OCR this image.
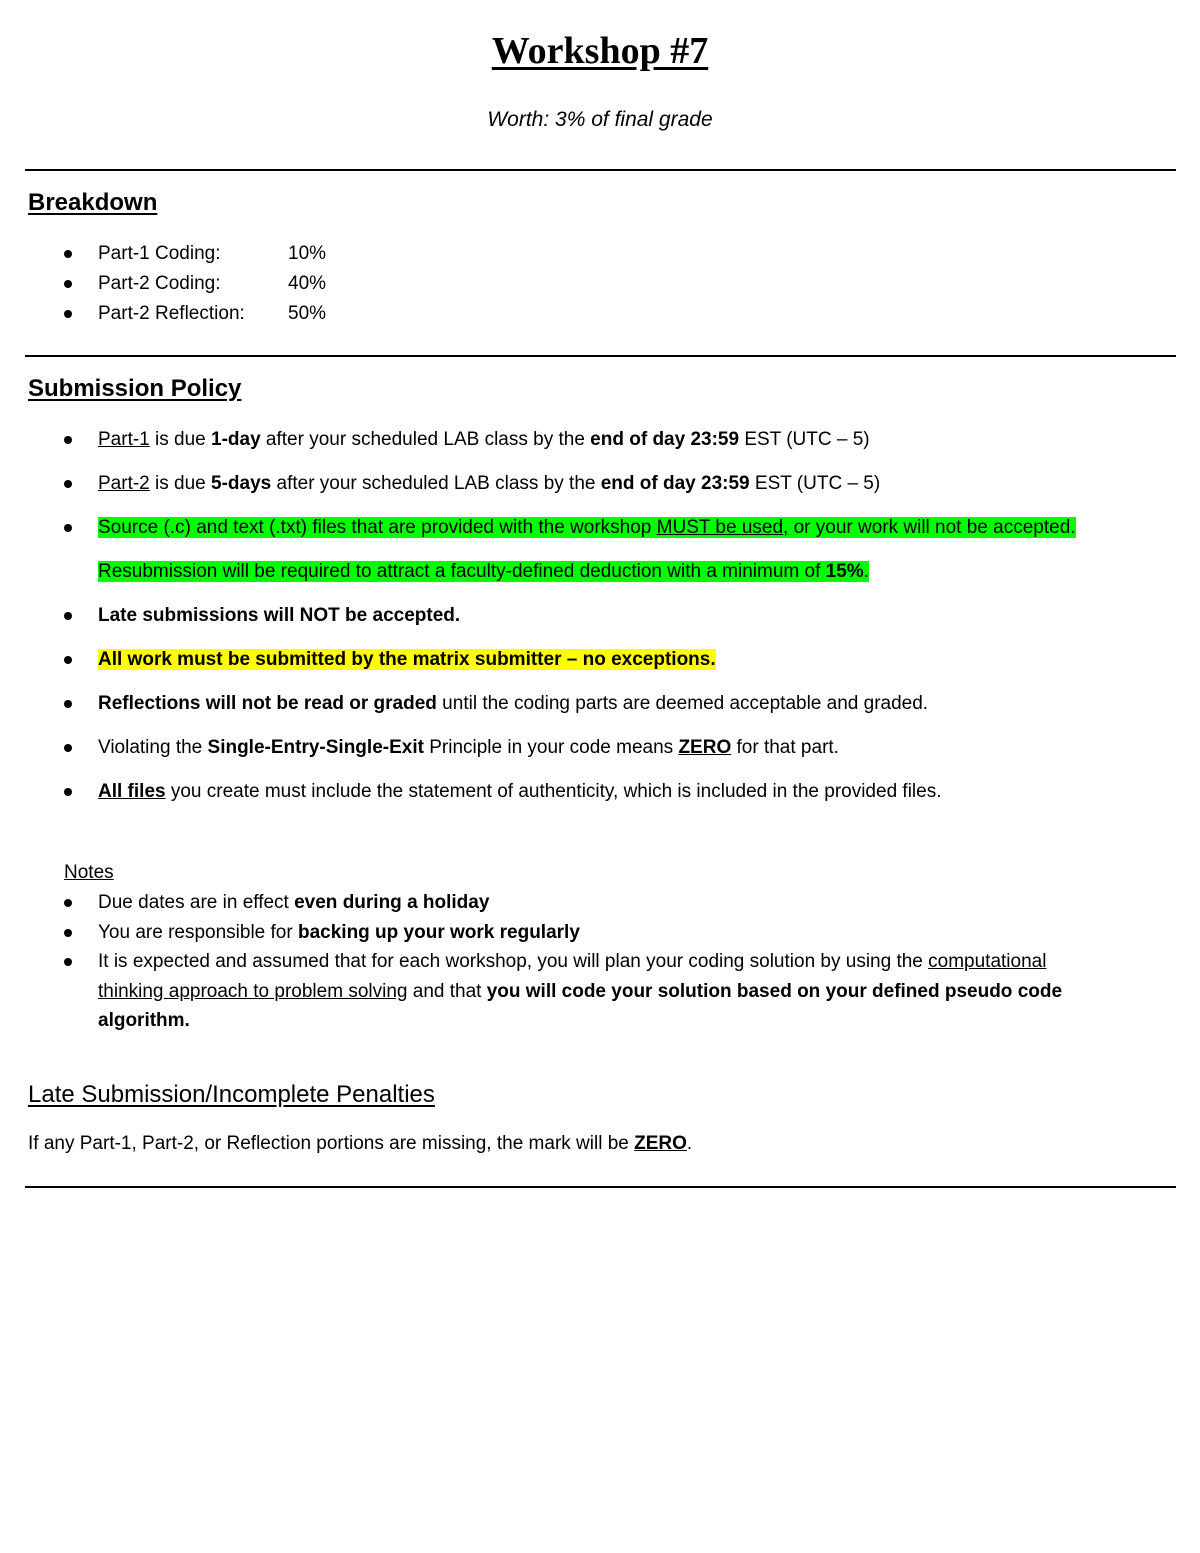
Workshop #7
Worth: 3% of final grade
Breakdown
Part-1 Coding:	10%
Part-2 Coding:	40%
Part-2 Reflection: 50%
Submission Policy
Part-1 is due 1-day after your scheduled LAB class by the end of day 23:59 EST (UTC – 5)
Part-2 is due 5-days after your scheduled LAB class by the end of day 23:59 EST (UTC – 5)
Source (.c) and text (.txt) files that are provided with the workshop MUST be used, or your work will not be accepted. Resubmission will be required to attract a faculty-defined deduction with a minimum of 15%.
Late submissions will NOT be accepted.
All work must be submitted by the matrix submitter – no exceptions.
Reflections will not be read or graded until the coding parts are deemed acceptable and graded.
Violating the Single-Entry-Single-Exit Principle in your code means ZERO for that part.
All files you create must include the statement of authenticity, which is included in the provided files.
Notes
Due dates are in effect even during a holiday
You are responsible for backing up your work regularly
It is expected and assumed that for each workshop, you will plan your coding solution by using the computational thinking approach to problem solving and that you will code your solution based on your defined pseudo code algorithm.
Late Submission/Incomplete Penalties
If any Part-1, Part-2, or Reflection portions are missing, the mark will be ZERO.
